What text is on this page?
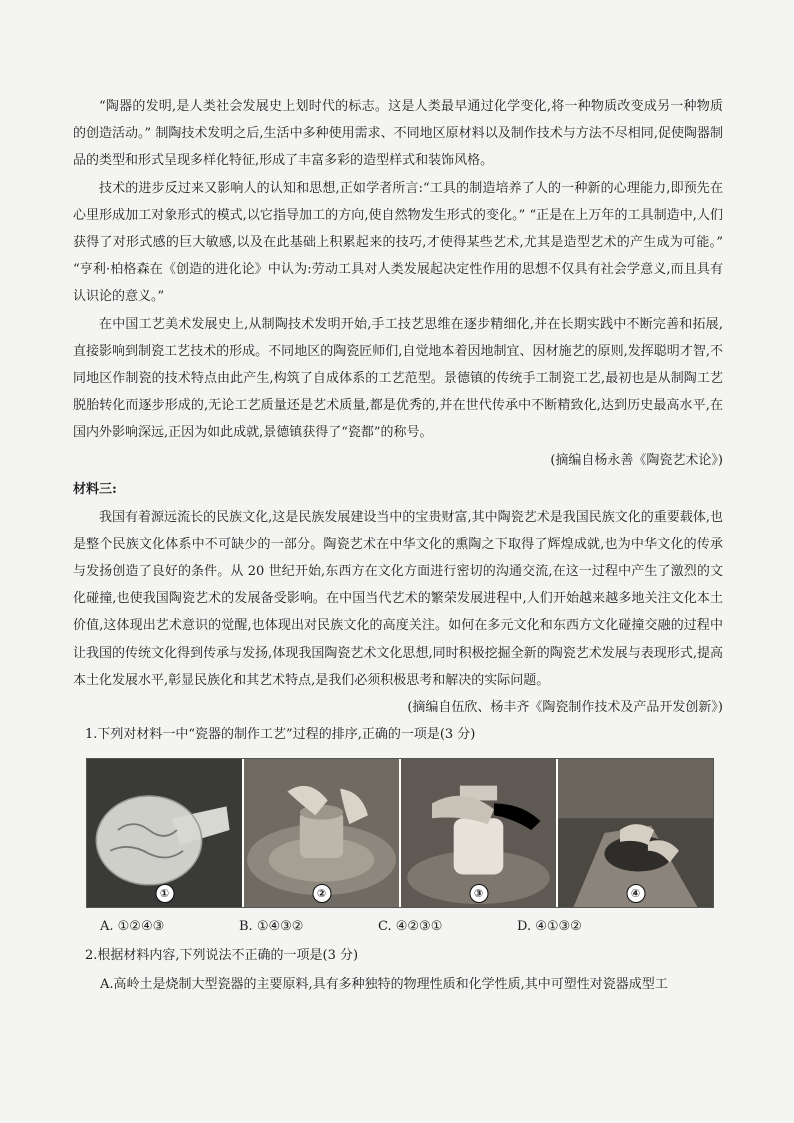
“陶器的发明,是人类社会发展史上划时代的标志。这是人类最早通过化学变化,将一种物质改变成另一种物质的创造活动。” 制陶技术发明之后,生活中多种使用需求、不同地区原材料以及制作技术与方法不尽相同,促使陶器制品的类型和形式呈现多样化特征,形成了丰富多彩的造型样式和装饰风格。

技术的进步反过来又影响人的认知和思想,正如学者所言:“工具的制造培养了人的一种新的心理能力,即预先在心里形成加工对象形式的模式,以它指导加工的方向,使自然物发生形式的变化。” “正是在上万年的工具制造中,人们获得了对形式感的巨大敏感,以及在此基础上积累起来的技巧,才使得某些艺术,尤其是造型艺术的产生成为可能。” “亨利·柏格森在《创造的进化论》中认为:劳动工具对人类发展起决定性作用的思想不仅具有社会学意义,而且具有认识论的意义。”

在中国工艺美术发展史上,从制陶技术发明开始,手工技艺思维在逐步精细化,并在长期实践中不断完善和拓展,直接影响到制瓷工艺技术的形成。不同地区的陶瓷匠师们,自觉地本着因地制宜、因材施艺的原则,发挥聪明才智,不同地区作制瓷的技术特点由此产生,构筑了自成体系的工艺范型。景德镇的传统手工制瓷工艺,最初也是从制陶工艺脱胎转化而逐步形成的,无论工艺质量还是艺术质量,都是优秀的,并在世代传承中不断精致化,达到历史最高水平,在国内外影响深远,正因为如此成就,景德镇获得了“瓷都”的称号。

(摘编自杨永善《陶瓷艺术论》)

材料三:

我国有着源远流长的民族文化,这是民族发展建设当中的宝贵财富,其中陶瓷艺术是我国民族文化的重要载体,也是整个民族文化体系中不可缺少的一部分。陶瓷艺术在中华文化的熏陶之下取得了辉煌成就,也为中华文化的传承与发扬创造了良好的条件。从 20 世纪开始,东西方在文化方面进行密切的沟通交流,在这一过程中产生了激烈的文化碰撞,也使我国陶瓷艺术的发展备受影响。在中国当代艺术的繁荣发展进程中,人们开始越来越多地关注文化本土价值,这体现出艺术意识的觉醒,也体现出对民族文化的高度关注。如何在多元文化和东西方文化碰撞交融的过程中让我国的传统文化得到传承与发扬,体现我国陶瓷艺术文化思想,同时积极挖掘全新的陶瓷艺术发展与表现形式,提高本土化发展水平,彰显民族化和其艺术特点,是我们必须积极思考和解决的实际问题。

(摘编自伍欣、杨丰齐《陶瓷制作技术及产品开发创新》)

1.下列对材料一中“瓷器的制作工艺”过程的排序,正确的一项是(3 分)

①	②	③	④
A. ①②④③	B. ①④③②	C. ④②③①	D. ④①③②

2.根据材料内容,下列说法不正确的一项是(3 分)

A.高岭土是烧制大型瓷器的主要原料,具有多种独特的物理性质和化学性质,其中可塑性对瓷器成型工
